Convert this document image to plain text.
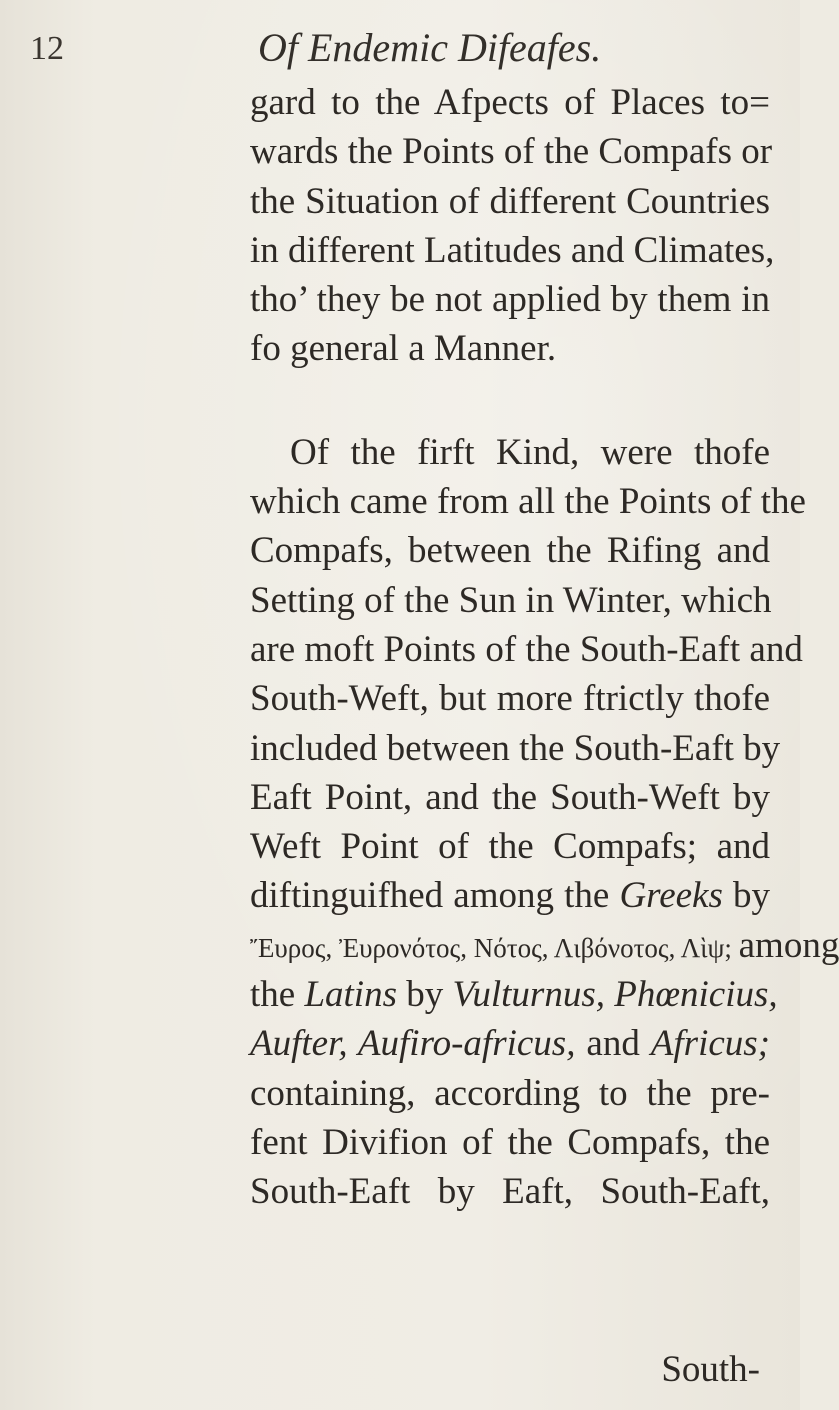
12	Of Endemic Difeafes.
gard to the Afpects of Places to=
wards the Points of the Compafs or
the Situation of different Countries
in different Latitudes and Climates,
tho’ they be not applied by them in
fo general a Manner.
Of the firft Kind, were thofe
which came from all the Points of the
Compafs, between the Rifing and
Setting of the Sun in Winter, which
are moft Points of the South-Eaft and
South-Weft, but more ftrictly thofe
included between the South-Eaft by
Eaft Point, and the South-Weft by
Weft Point of the Compafs; and
diftinguifhed among the Greeks by
Ἔυρος, Ἐυρονότος, Νότος, Λιβόνοτος, Λὶψ; among
the Latins by Vulturnus, Phœnicius,
Aufter, Aufiro-africus, and Africus;
containing, according to the pre-
fent Divifion of the Compafs, the
South-Eaft by Eaft, South-Eaft,
South-
